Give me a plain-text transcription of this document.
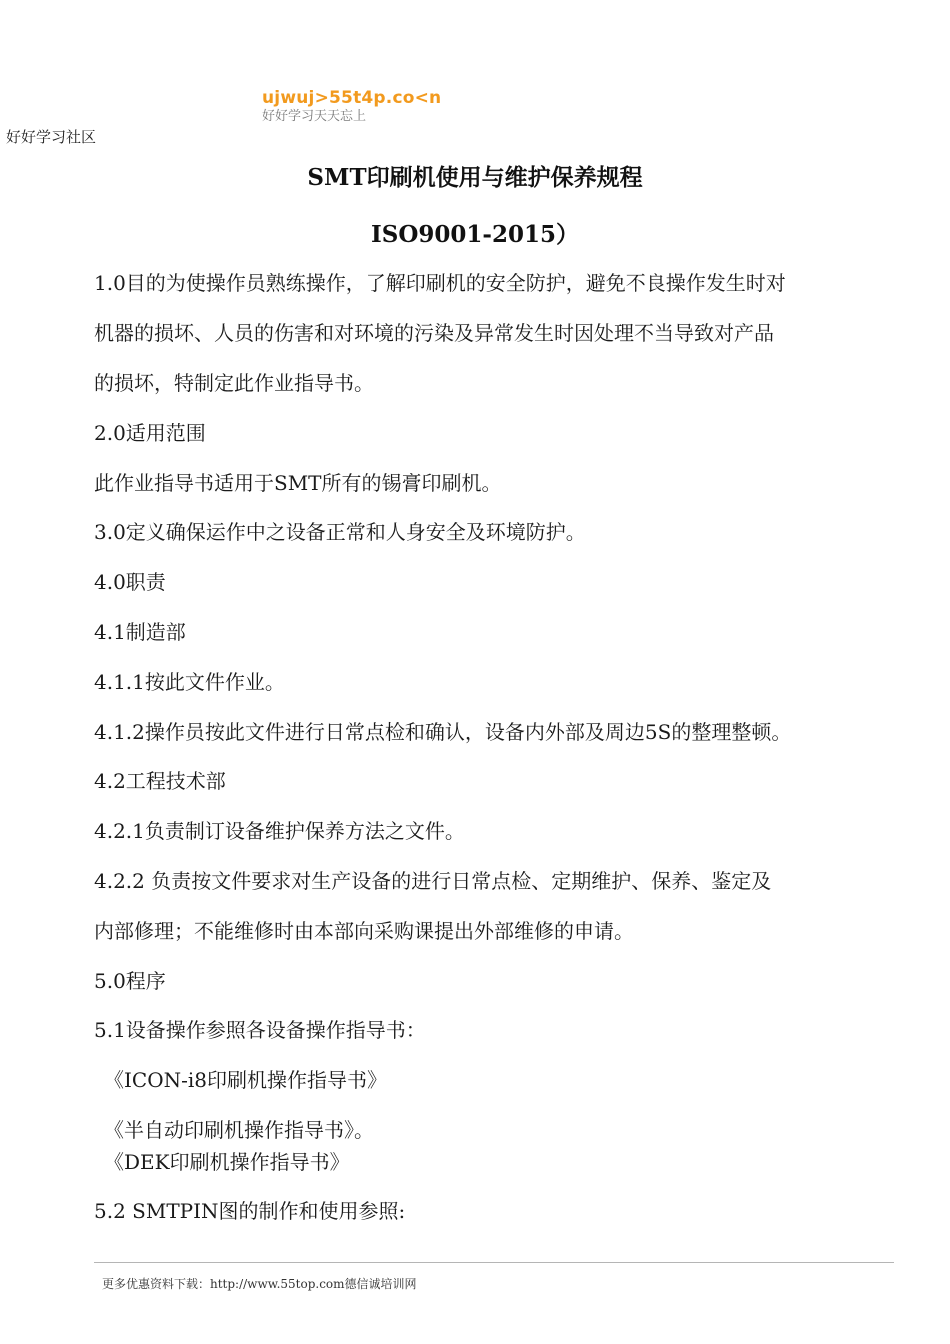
ujwuj>55t4p.co<n
好好学习天天忘上
好好学习社区
SMT印刷机使用与维护保养规程
ISO9001-2015）
1.0目的为使操作员熟练操作，了解印刷机的安全防护，避免不良操作发生时对
机器的损坏、人员的伤害和对环境的污染及异常发生时因处理不当导致对产品
的损坏，特制定此作业指导书。
2.0适用范围
此作业指导书适用于SMT所有的锡膏印刷机。
3.0定义确保运作中之设备正常和人身安全及环境防护。
4.0职责
4.1制造部
4.1.1按此文件作业。
4.1.2操作员按此文件进行日常点检和确认，设备内外部及周边5S的整理整顿。
4.2工程技术部
4.2.1负责制订设备维护保养方法之文件。
4.2.2 负责按文件要求对生产设备的进行日常点检、定期维护、保养、鉴定及
内部修理；不能维修时由本部向采购课提出外部维修的申请。
5.0程序
5.1设备操作参照各设备操作指导书：
《ICON-i8印刷机操作指导书》
《半自动印刷机操作指导书》。
《DEK印刷机操作指导书》
5.2 SMTPIN图的制作和使用参照:
更多优惠资料下载：http://www.55top.com德信诚培训网
